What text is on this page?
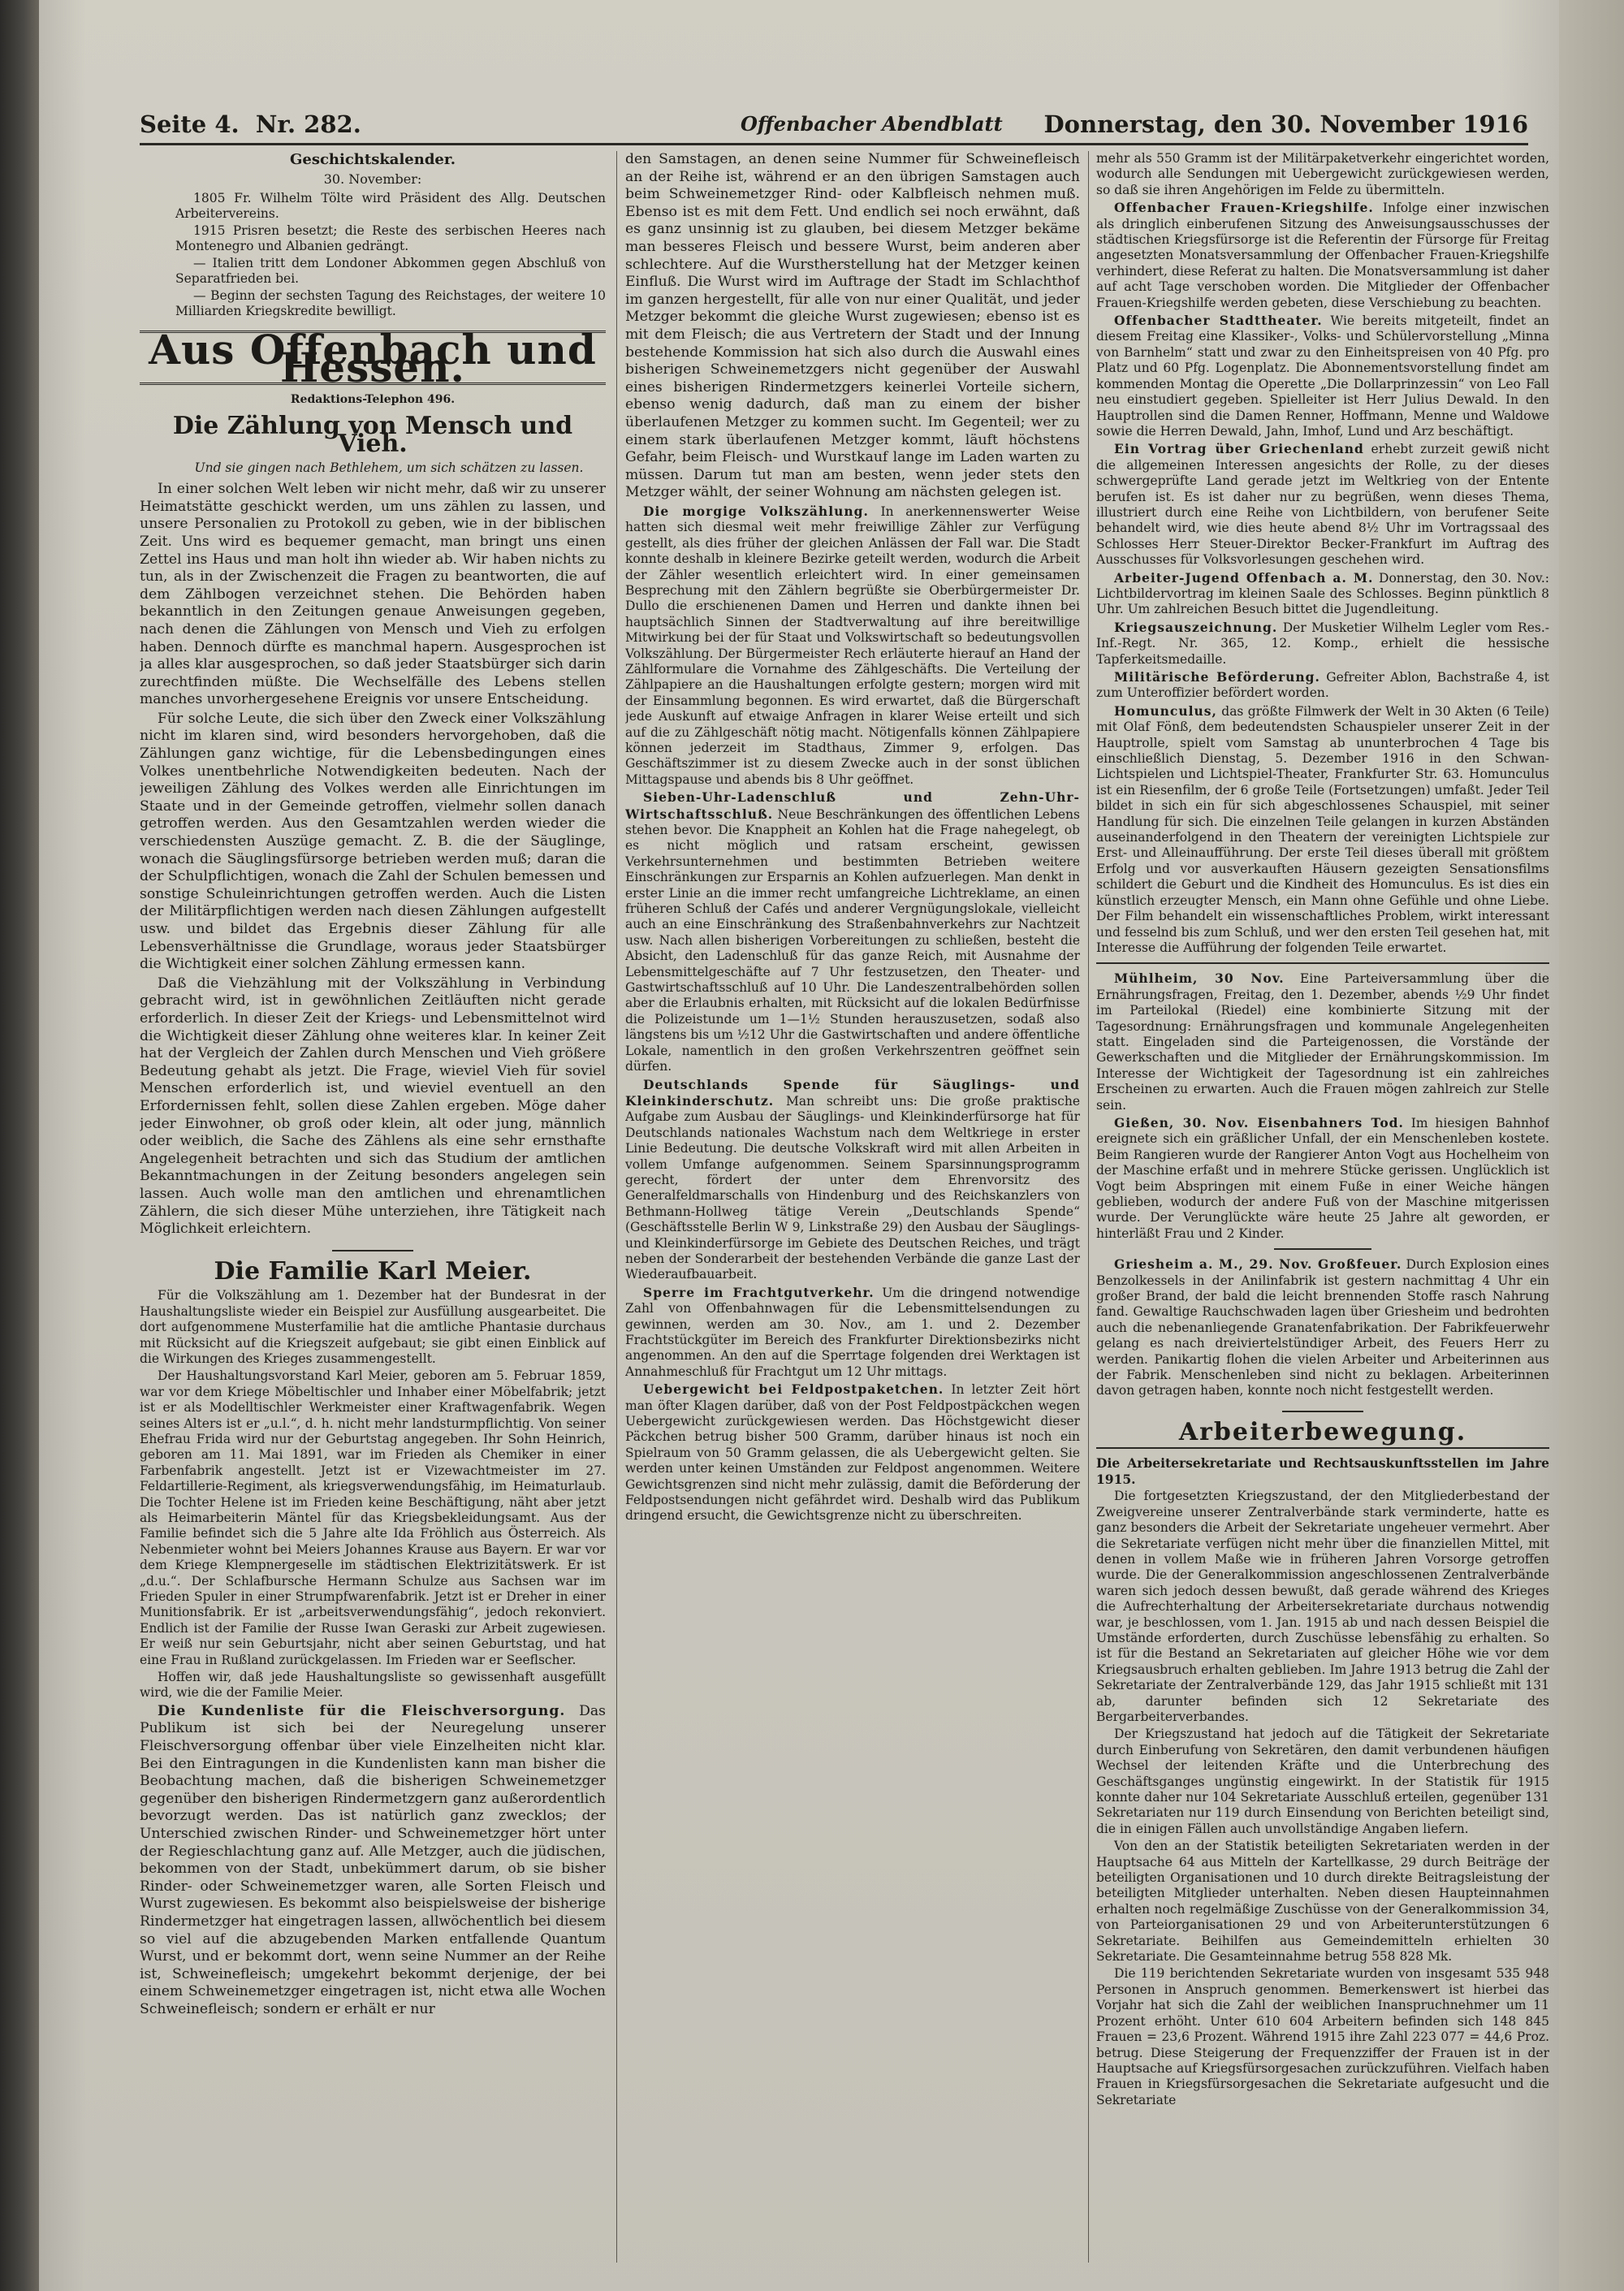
Seite 4. Nr. 282.	Offenbacher Abendblatt Donnerstag, den 30. November 1916
Geschichtskalender.
30. November:

1805 Fr. Wilhelm Tölte wird Präsident des Allg. Deutschen Arbeitervereins.

1915 Prisren besetzt; die Reste des serbischen Heeres nach Montenegro und Albanien gedrängt.

— Italien tritt dem Londoner Abkommen gegen Abschluß von Separatfrieden bei.

— Beginn der sechsten Tagung des Reichstages, der weitere 10 Milliarden Kriegskredite bewilligt.

Aus Offenbach und Hessen.
Redaktions-Telephon 496.
Die Zählung von Mensch und Vieh.
Und sie gingen nach Bethlehem, um sich schätzen zu lassen.

In einer solchen Welt leben wir nicht mehr, daß wir zu unserer Heimatstätte geschickt werden, um uns zählen zu lassen, und unsere Personalien zu Protokoll zu geben, wie in der biblischen Zeit. Uns wird es bequemer gemacht, man bringt uns einen Zettel ins Haus und man holt ihn wieder ab. Wir haben nichts zu tun, als in der Zwischenzeit die Fragen zu beantworten, die auf dem Zählbogen verzeichnet stehen. Die Behörden haben bekanntlich in den Zeitungen genaue Anweisungen gegeben, nach denen die Zählungen von Mensch und Vieh zu erfolgen haben. Dennoch dürfte es manchmal hapern. Ausgesprochen ist ja alles klar ausgesprochen, so daß jeder Staatsbürger sich darin zurechtfinden müßte. Die Wechselfälle des Lebens stellen manches unvorhergesehene Ereignis vor unsere Entscheidung.

Für solche Leute, die sich über den Zweck einer Volkszählung nicht im klaren sind, wird besonders hervorgehoben, daß die Zählungen ganz wichtige, für die Lebensbedingungen eines Volkes unentbehrliche Notwendigkeiten bedeuten. Nach der jeweiligen Zählung des Volkes werden alle Einrichtungen im Staate und in der Gemeinde getroffen, vielmehr sollen danach getroffen werden. Aus den Gesamtzahlen werden wieder die verschiedensten Auszüge gemacht. Z. B. die der Säuglinge, wonach die Säuglingsfürsorge betrieben werden muß; daran die der Schulpflichtigen, wonach die Zahl der Schulen bemessen und sonstige Schuleinrichtungen getroffen werden. Auch die Listen der Militärpflichtigen werden nach diesen Zählungen aufgestellt usw. und bildet das Ergebnis dieser Zählung für alle Lebensverhältnisse die Grundlage, woraus jeder Staatsbürger die Wichtigkeit einer solchen Zählung ermessen kann.

Daß die Viehzählung mit der Volkszählung in Verbindung gebracht wird, ist in gewöhnlichen Zeitläuften nicht gerade erforderlich. In dieser Zeit der Kriegs- und Lebensmittelnot wird die Wichtigkeit dieser Zählung ohne weiteres klar. In keiner Zeit hat der Vergleich der Zahlen durch Menschen und Vieh größere Bedeutung gehabt als jetzt. Die Frage, wieviel Vieh für soviel Menschen erforderlich ist, und wieviel eventuell an den Erfordernissen fehlt, sollen diese Zahlen ergeben. Möge daher jeder Einwohner, ob groß oder klein, alt oder jung, männlich oder weiblich, die Sache des Zählens als eine sehr ernsthafte Angelegenheit betrachten und sich das Studium der amtlichen Bekanntmachungen in der Zeitung besonders angelegen sein lassen. Auch wolle man den amtlichen und ehrenamtlichen Zählern, die sich dieser Mühe unterziehen, ihre Tätigkeit nach Möglichkeit erleichtern.

Die Familie Karl Meier.

Für die Volkszählung am 1. Dezember hat der Bundesrat in der Haushaltungsliste wieder ein Beispiel zur Ausfüllung ausgearbeitet. Die dort aufgenommene Musterfamilie hat die amtliche Phantasie durchaus mit Rücksicht auf die Kriegszeit aufgebaut; sie gibt einen Einblick auf die Wirkungen des Krieges zusammengestellt.

Der Haushaltungsvorstand Karl Meier, geboren am 5. Februar 1859, war vor dem Kriege Möbeltischler und Inhaber einer Möbelfabrik; jetzt ist er als Modelltischler Werkmeister einer Kraftwagenfabrik. Wegen seines Alters ist er „u.l.“, d. h. nicht mehr landsturmpflichtig. Von seiner Ehefrau Frida wird nur der Geburtstag angegeben. Ihr Sohn Heinrich, geboren am 11. Mai 1891, war im Frieden als Chemiker in einer Farbenfabrik angestellt. Jetzt ist er Vizewachtmeister im 27. Feldartillerie-Regiment, als kriegsverwendungsfähig, im Heimaturlaub. Die Tochter Helene ist im Frieden keine Beschäftigung, näht aber jetzt als Heimarbeiterin Mäntel für das Kriegsbekleidungsamt. Aus der Familie befindet sich die 5 Jahre alte Ida Fröhlich aus Österreich. Als Nebenmieter wohnt bei Meiers Johannes Krause aus Bayern. Er war vor dem Kriege Klempnergeselle im städtischen Elektrizitätswerk. Er ist „d.u.“. Der Schlafbursche Hermann Schulze aus Sachsen war im Frieden Spuler in einer Strumpfwarenfabrik. Jetzt ist er Dreher in einer Munitionsfabrik. Er ist „arbeitsverwendungsfähig“, jedoch rekonviert. Endlich ist der Familie der Russe Iwan Geraski zur Arbeit zugewiesen. Er weiß nur sein Geburtsjahr, nicht aber seinen Geburtstag, und hat eine Frau in Rußland zurückgelassen. Im Frieden war er Seeflscher.

Hoffen wir, daß jede Haushaltungsliste so gewissenhaft ausgefüllt wird, wie die der Familie Meier.

Die Kundenliste für die Fleischversorgung. Das Publikum ist sich bei der Neuregelung unserer Fleischversorgung offenbar über viele Einzelheiten nicht klar. Bei den Eintragungen in die Kundenlisten kann man bisher die Beobachtung machen, daß die bisherigen Schweinemetzger gegenüber den bisherigen Rindermetzgern ganz außerordentlich bevorzugt werden. Das ist natürlich ganz zwecklos; der Unterschied zwischen Rinder- und Schweinemetzger hört unter der Regieschlachtung ganz auf. Alle Metzger, auch die jüdischen, bekommen von der Stadt, unbekümmert darum, ob sie bisher Rinder- oder Schweinemetzger waren, alle Sorten Fleisch und Wurst zugewiesen. Es bekommt also beispielsweise der bisherige Rindermetzger hat eingetragen lassen, allwöchentlich bei diesem so viel auf die abzugebenden Marken entfallende Quantum Wurst, und er bekommt dort, wenn seine Nummer an der Reihe ist, Schweinefleisch; umgekehrt bekommt derjenige, der bei einem Schweinemetzger eingetragen ist, nicht etwa alle Wochen Schweinefleisch; sondern er erhält er nur

den Samstagen, an denen seine Nummer für Schweinefleisch an der Reihe ist, während er an den übrigen Samstagen auch beim Schweinemetzger Rind- oder Kalbfleisch nehmen muß. Ebenso ist es mit dem Fett. Und endlich sei noch erwähnt, daß es ganz unsinnig ist zu glauben, bei diesem Metzger bekäme man besseres Fleisch und bessere Wurst, beim anderen aber schlechtere. Auf die Wurstherstellung hat der Metzger keinen Einfluß. Die Wurst wird im Auftrage der Stadt im Schlachthof im ganzen hergestellt, für alle von nur einer Qualität, und jeder Metzger bekommt die gleiche Wurst zugewiesen; ebenso ist es mit dem Fleisch; die aus Vertretern der Stadt und der Innung bestehende Kommission hat sich also durch die Auswahl eines bisherigen Schweinemetzgers nicht gegenüber der Auswahl eines bisherigen Rindermetzgers keinerlei Vorteile sichern, ebenso wenig dadurch, daß man zu einem der bisher überlaufenen Metzger zu kommen sucht. Im Gegenteil; wer zu einem stark überlaufenen Metzger kommt, läuft höchstens Gefahr, beim Fleisch- und Wurstkauf lange im Laden warten zu müssen. Darum tut man am besten, wenn jeder stets den Metzger wählt, der seiner Wohnung am nächsten gelegen ist.

Die morgige Volkszählung. In anerkennenswerter Weise hatten sich diesmal weit mehr freiwillige Zähler zur Verfügung gestellt, als dies früher der gleichen Anlässen der Fall war. Die Stadt konnte deshalb in kleinere Bezirke geteilt werden, wodurch die Arbeit der Zähler wesentlich erleichtert wird. In einer gemeinsamen Besprechung mit den Zählern begrüßte sie Oberbürgermeister Dr. Dullo die erschienenen Damen und Herren und dankte ihnen bei hauptsächlich Sinnen der Stadtverwaltung auf ihre bereitwillige Mitwirkung bei der für Staat und Volkswirtschaft so bedeutungsvollen Volkszählung. Der Bürgermeister Rech erläuterte hierauf an Hand der Zählformulare die Vornahme des Zählgeschäfts. Die Verteilung der Zählpapiere an die Haushaltungen erfolgte gestern; morgen wird mit der Einsammlung begonnen. Es wird erwartet, daß die Bürgerschaft jede Auskunft auf etwaige Anfragen in klarer Weise erteilt und sich auf die zu Zählgeschäft nötig macht. Nötigenfalls können Zählpapiere können jederzeit im Stadthaus, Zimmer 9, erfolgen. Das Geschäftszimmer ist zu diesem Zwecke auch in der sonst üblichen Mittagspause und abends bis 8 Uhr geöffnet.

Sieben-Uhr-Ladenschluß und Zehn-Uhr-Wirtschaftsschluß. Neue Beschränkungen des öffentlichen Lebens stehen bevor. Die Knappheit an Kohlen hat die Frage nahegelegt, ob es nicht möglich und ratsam erscheint, gewissen Verkehrsunternehmen und bestimmten Betrieben weitere Einschränkungen zur Ersparnis an Kohlen aufzuerlegen. Man denkt in erster Linie an die immer recht umfangreiche Lichtreklame, an einen früheren Schluß der Cafés und anderer Vergnügungslokale, vielleicht auch an eine Einschränkung des Straßenbahnverkehrs zur Nachtzeit usw. Nach allen bisherigen Vorbereitungen zu schließen, besteht die Absicht, den Ladenschluß für das ganze Reich, mit Ausnahme der Lebensmittelgeschäfte auf 7 Uhr festzusetzen, den Theater- und Gastwirtschaftsschluß auf 10 Uhr. Die Landeszentralbehörden sollen aber die Erlaubnis erhalten, mit Rücksicht auf die lokalen Bedürfnisse die Polizeistunde um 1—1½ Stunden herauszusetzen, sodaß also längstens bis um ½12 Uhr die Gastwirtschaften und andere öffentliche Lokale, namentlich in den großen Verkehrszentren geöffnet sein dürfen.

Deutschlands Spende für Säuglings- und Kleinkinderschutz. Man schreibt uns: Die große praktische Aufgabe zum Ausbau der Säuglings- und Kleinkinderfürsorge hat für Deutschlands nationales Wachstum nach dem Weltkriege in erster Linie Bedeutung. Die deutsche Volkskraft wird mit allen Arbeiten in vollem Umfange aufgenommen. Seinem Sparsinnungsprogramm gerecht, fördert der unter dem Ehrenvorsitz des Generalfeldmarschalls von Hindenburg und des Reichskanzlers von Bethmann-Hollweg tätige Verein „Deutschlands Spende“ (Geschäftsstelle Berlin W 9, Linkstraße 29) den Ausbau der Säuglings- und Kleinkinderfürsorge im Gebiete des Deutschen Reiches, und trägt neben der Sonderarbeit der bestehenden Verbände die ganze Last der Wiederaufbauarbeit.

Sperre im Frachtgutverkehr. Um die dringend notwendige Zahl von Offenbahnwagen für die Lebensmittelsendungen zu gewinnen, werden am 30. Nov., am 1. und 2. Dezember Frachtstückgüter im Bereich des Frankfurter Direktionsbezirks nicht angenommen. An den auf die Sperrtage folgenden drei Werktagen ist Annahmeschluß für Frachtgut um 12 Uhr mittags.

Uebergewicht bei Feldpostpaketchen. In letzter Zeit hört man öfter Klagen darüber, daß von der Post Feldpostpäckchen wegen Uebergewicht zurückgewiesen werden. Das Höchstgewicht dieser Päckchen betrug bisher 500 Gramm, darüber hinaus ist noch ein Spielraum von 50 Gramm gelassen, die als Uebergewicht gelten. Sie werden unter keinen Umständen zur Feldpost angenommen. Weitere Gewichtsgrenzen sind nicht mehr zulässig, damit die Beförderung der Feldpostsendungen nicht gefährdet wird. Deshalb wird das Publikum dringend ersucht, die Gewichtsgrenze nicht zu überschreiten.

mehr als 550 Gramm ist der Militärpaketverkehr eingerichtet worden, wodurch alle Sendungen mit Uebergewicht zurückgewiesen werden, so daß sie ihren Angehörigen im Felde zu übermitteln.

Offenbacher Frauen-Kriegshilfe. Infolge einer inzwischen als dringlich einberufenen Sitzung des Anweisungsausschusses der städtischen Kriegsfürsorge ist die Referentin der Fürsorge für Freitag angesetzten Monatsversammlung der Offenbacher Frauen-Kriegshilfe verhindert, diese Referat zu halten. Die Monatsversammlung ist daher auf acht Tage verschoben worden. Die Mitglieder der Offenbacher Frauen-Kriegshilfe werden gebeten, diese Verschiebung zu beachten.

Offenbacher Stadttheater. Wie bereits mitgeteilt, findet an diesem Freitag eine Klassiker-, Volks- und Schülervorstellung „Minna von Barnhelm“ statt und zwar zu den Einheitspreisen von 40 Pfg. pro Platz und 60 Pfg. Logenplatz. Die Abonnementsvorstellung findet am kommenden Montag die Operette „Die Dollarprinzessin“ von Leo Fall neu einstudiert gegeben. Spielleiter ist Herr Julius Dewald. In den Hauptrollen sind die Damen Renner, Hoffmann, Menne und Waldowe sowie die Herren Dewald, Jahn, Imhof, Lund und Arz beschäftigt.

Ein Vortrag über Griechenland erhebt zurzeit gewiß nicht die allgemeinen Interessen angesichts der Rolle, zu der dieses schwergeprüfte Land gerade jetzt im Weltkrieg von der Entente berufen ist. Es ist daher nur zu begrüßen, wenn dieses Thema, illustriert durch eine Reihe von Lichtbildern, von berufener Seite behandelt wird, wie dies heute abend 8½ Uhr im Vortragssaal des Schlosses Herr Steuer-Direktor Becker-Frankfurt im Auftrag des Ausschusses für Volksvorlesungen geschehen wird.

Arbeiter-Jugend Offenbach a. M. Donnerstag, den 30. Nov.: Lichtbildervortrag im kleinen Saale des Schlosses. Beginn pünktlich 8 Uhr. Um zahlreichen Besuch bittet die Jugendleitung.

Kriegsauszeichnung. Der Musketier Wilhelm Legler vom Res.-Inf.-Regt. Nr. 365, 12. Komp., erhielt die hessische Tapferkeitsmedaille.

Militärische Beförderung. Gefreiter Ablon, Bachstraße 4, ist zum Unteroffizier befördert worden.

Homunculus, das größte Filmwerk der Welt in 30 Akten (6 Teile) mit Olaf Fönß, dem bedeutendsten Schauspieler unserer Zeit in der Hauptrolle, spielt vom Samstag ab ununterbrochen 4 Tage bis einschließlich Dienstag, 5. Dezember 1916 in den Schwan-Lichtspielen und Lichtspiel-Theater, Frankfurter Str. 63. Homunculus ist ein Riesenfilm, der 6 große Teile (Fortsetzungen) umfaßt. Jeder Teil bildet in sich ein für sich abgeschlossenes Schauspiel, mit seiner Handlung für sich. Die einzelnen Teile gelangen in kurzen Abständen auseinanderfolgend in den Theatern der vereinigten Lichtspiele zur Erst- und Alleinaufführung. Der erste Teil dieses überall mit größtem Erfolg und vor ausverkauften Häusern gezeigten Sensationsfilms schildert die Geburt und die Kindheit des Homunculus. Es ist dies ein künstlich erzeugter Mensch, ein Mann ohne Gefühle und ohne Liebe. Der Film behandelt ein wissenschaftliches Problem, wirkt interessant und fesselnd bis zum Schluß, und wer den ersten Teil gesehen hat, mit Interesse die Aufführung der folgenden Teile erwartet.

Mühlheim, 30 Nov. Eine Parteiversammlung über die Ernährungsfragen, Freitag, den 1. Dezember, abends ½9 Uhr findet im Parteilokal (Riedel) eine kombinierte Sitzung mit der Tagesordnung: Ernährungsfragen und kommunale Angelegenheiten statt. Eingeladen sind die Parteigenossen, die Vorstände der Gewerkschaften und die Mitglieder der Ernährungskommission. Im Interesse der Wichtigkeit der Tagesordnung ist ein zahlreiches Erscheinen zu erwarten. Auch die Frauen mögen zahlreich zur Stelle sein.

Gießen, 30. Nov. Eisenbahners Tod. Im hiesigen Bahnhof ereignete sich ein gräßlicher Unfall, der ein Menschenleben kostete. Beim Rangieren wurde der Rangierer Anton Vogt aus Hochelheim von der Maschine erfaßt und in mehrere Stücke gerissen. Unglücklich ist Vogt beim Abspringen mit einem Fuße in einer Weiche hängen geblieben, wodurch der andere Fuß von der Maschine mitgerissen wurde. Der Verunglückte wäre heute 25 Jahre alt geworden, er hinterläßt Frau und 2 Kinder.

Griesheim a. M., 29. Nov. Großfeuer. Durch Explosion eines Benzolkessels in der Anilinfabrik ist gestern nachmittag 4 Uhr ein großer Brand, der bald die leicht brennenden Stoffe rasch Nahrung fand. Gewaltige Rauchschwaden lagen über Griesheim und bedrohten auch die nebenanliegende Granatenfabrikation. Der Fabrikfeuerwehr gelang es nach dreiviertelstündiger Arbeit, des Feuers Herr zu werden. Panikartig flohen die vielen Arbeiter und Arbeiterinnen aus der Fabrik. Menschenleben sind nicht zu beklagen. Arbeiterinnen davon getragen haben, konnte noch nicht festgestellt werden.

Arbeiterbewegung.

Die Arbeitersekretariate und Rechtsauskunftsstellen im Jahre 1915.

Die fortgesetzten Kriegszustand, der den Mitgliederbestand der Zweigvereine unserer Zentralverbände stark verminderte, hatte es ganz besonders die Arbeit der Sekretariate ungeheuer vermehrt. Aber die Sekretariate verfügen nicht mehr über die finanziellen Mittel, mit denen in vollem Maße wie in früheren Jahren Vorsorge getroffen wurde. Die der Generalkommission angeschlossenen Zentralverbände waren sich jedoch dessen bewußt, daß gerade während des Krieges die Aufrechterhaltung der Arbeitersekretariate durchaus notwendig war, je beschlossen, vom 1. Jan. 1915 ab und nach dessen Beispiel die Umstände erforderten, durch Zuschüsse lebensfähig zu erhalten. So ist für die Bestand an Sekretariaten auf gleicher Höhe wie vor dem Kriegsausbruch erhalten geblieben. Im Jahre 1913 betrug die Zahl der Sekretariate der Zentralverbände 129, das Jahr 1915 schließt mit 131 ab, darunter befinden sich 12 Sekretariate des Bergarbeiterverbandes.

Der Kriegszustand hat jedoch auf die Tätigkeit der Sekretariate durch Einberufung von Sekretären, den damit verbundenen häufigen Wechsel der leitenden Kräfte und die Unterbrechung des Geschäftsganges ungünstig eingewirkt. In der Statistik für 1915 konnte daher nur 104 Sekretariate Ausschluß erteilen, gegenüber 131 Sekretariaten nur 119 durch Einsendung von Berichten beteiligt sind, die in einigen Fällen auch unvollständige Angaben liefern.

Von den an der Statistik beteiligten Sekretariaten werden in der Hauptsache 64 aus Mitteln der Kartellkasse, 29 durch Beiträge der beteiligten Organisationen und 10 durch direkte Beitragsleistung der beteiligten Mitglieder unterhalten. Neben diesen Haupteinnahmen erhalten noch regelmäßige Zuschüsse von der Generalkommission 34, von Parteiorganisationen 29 und von Arbeiterunterstützungen 6 Sekretariate. Beihilfen aus Gemeindemitteln erhielten 30 Sekretariate. Die Gesamteinnahme betrug 558 828 Mk.

Die 119 berichtenden Sekretariate wurden von insgesamt 535 948 Personen in Anspruch genommen. Bemerkenswert ist hierbei das Vorjahr hat sich die Zahl der weiblichen Inanspruchnehmer um 11 Prozent erhöht. Unter 610 604 Arbeitern befinden sich 148 845 Frauen = 23,6 Prozent. Während 1915 ihre Zahl 223 077 = 44,6 Proz. betrug. Diese Steigerung der Frequenzziffer der Frauen ist in der Hauptsache auf Kriegsfürsorgesachen zurückzuführen. Vielfach haben Frauen in Kriegsfürsorgesachen die Sekretariate aufgesucht und die Sekretariate
